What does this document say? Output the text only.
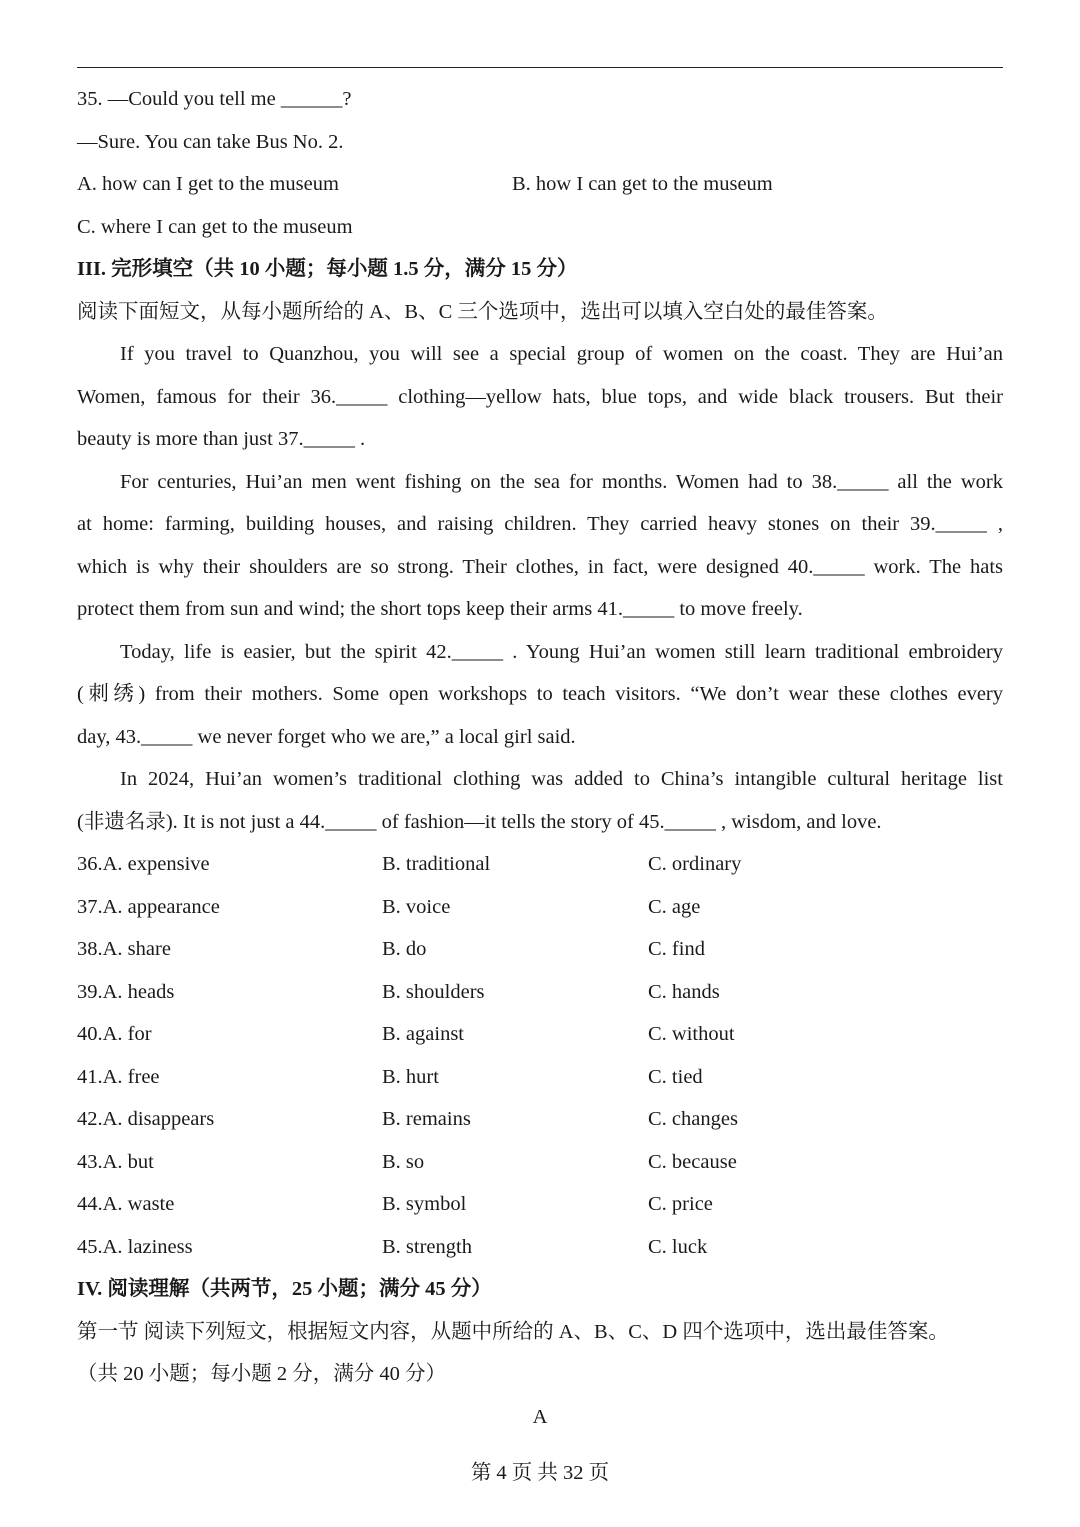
35. —Could you tell me ______?
—Sure. You can take Bus No. 2.
A. how can I get to the museum	B. how I can get to the museum
C. where I can get to the museum
III. 完形填空（共 10 小题；每小题 1.5 分，满分 15 分）
阅读下面短文，从每小题所给的 A、B、C 三个选项中，选出可以填入空白处的最佳答案。
If you travel to Quanzhou, you will see a special group of women on the coast. They are Hui’an
Women, famous for their 36._____ clothing—yellow hats, blue tops, and wide black trousers. But their
beauty is more than just 37._____ .
For centuries, Hui’an men went fishing on the sea for months. Women had to 38._____ all the work
at home: farming, building houses, and raising children. They carried heavy stones on their 39._____ ,
which is why their shoulders are so strong. Their clothes, in fact, were designed 40._____ work. The hats
protect them from sun and wind; the short tops keep their arms 41._____ to move freely.
Today, life is easier, but the spirit 42._____ . Young Hui’an women still learn traditional embroidery
(刺绣) from their mothers. Some open workshops to teach visitors. “We don’t wear these clothes every
day, 43._____ we never forget who we are,” a local girl said.
In 2024, Hui’an women’s traditional clothing was added to China’s intangible cultural heritage list
(非遗名录). It is not just a 44._____ of fashion—it tells the story of 45._____ , wisdom, and love.
36.A. expensive	B. traditional	C. ordinary
37.A. appearance	B. voice	C. age
38.A. share	B. do	C. find
39.A. heads	B. shoulders	C. hands
40.A. for	B. against	C. without
41.A. free	B. hurt	C. tied
42.A. disappears	B. remains	C. changes
43.A. but	B. so	C. because
44.A. waste	B. symbol	C. price
45.A. laziness	B. strength	C. luck
IV. 阅读理解（共两节，25 小题；满分 45 分）
第一节 阅读下列短文，根据短文内容，从题中所给的 A、B、C、D 四个选项中，选出最佳答案。
（共 20 小题；每小题 2 分，满分 40 分）
A
第 4 页 共 32 页
